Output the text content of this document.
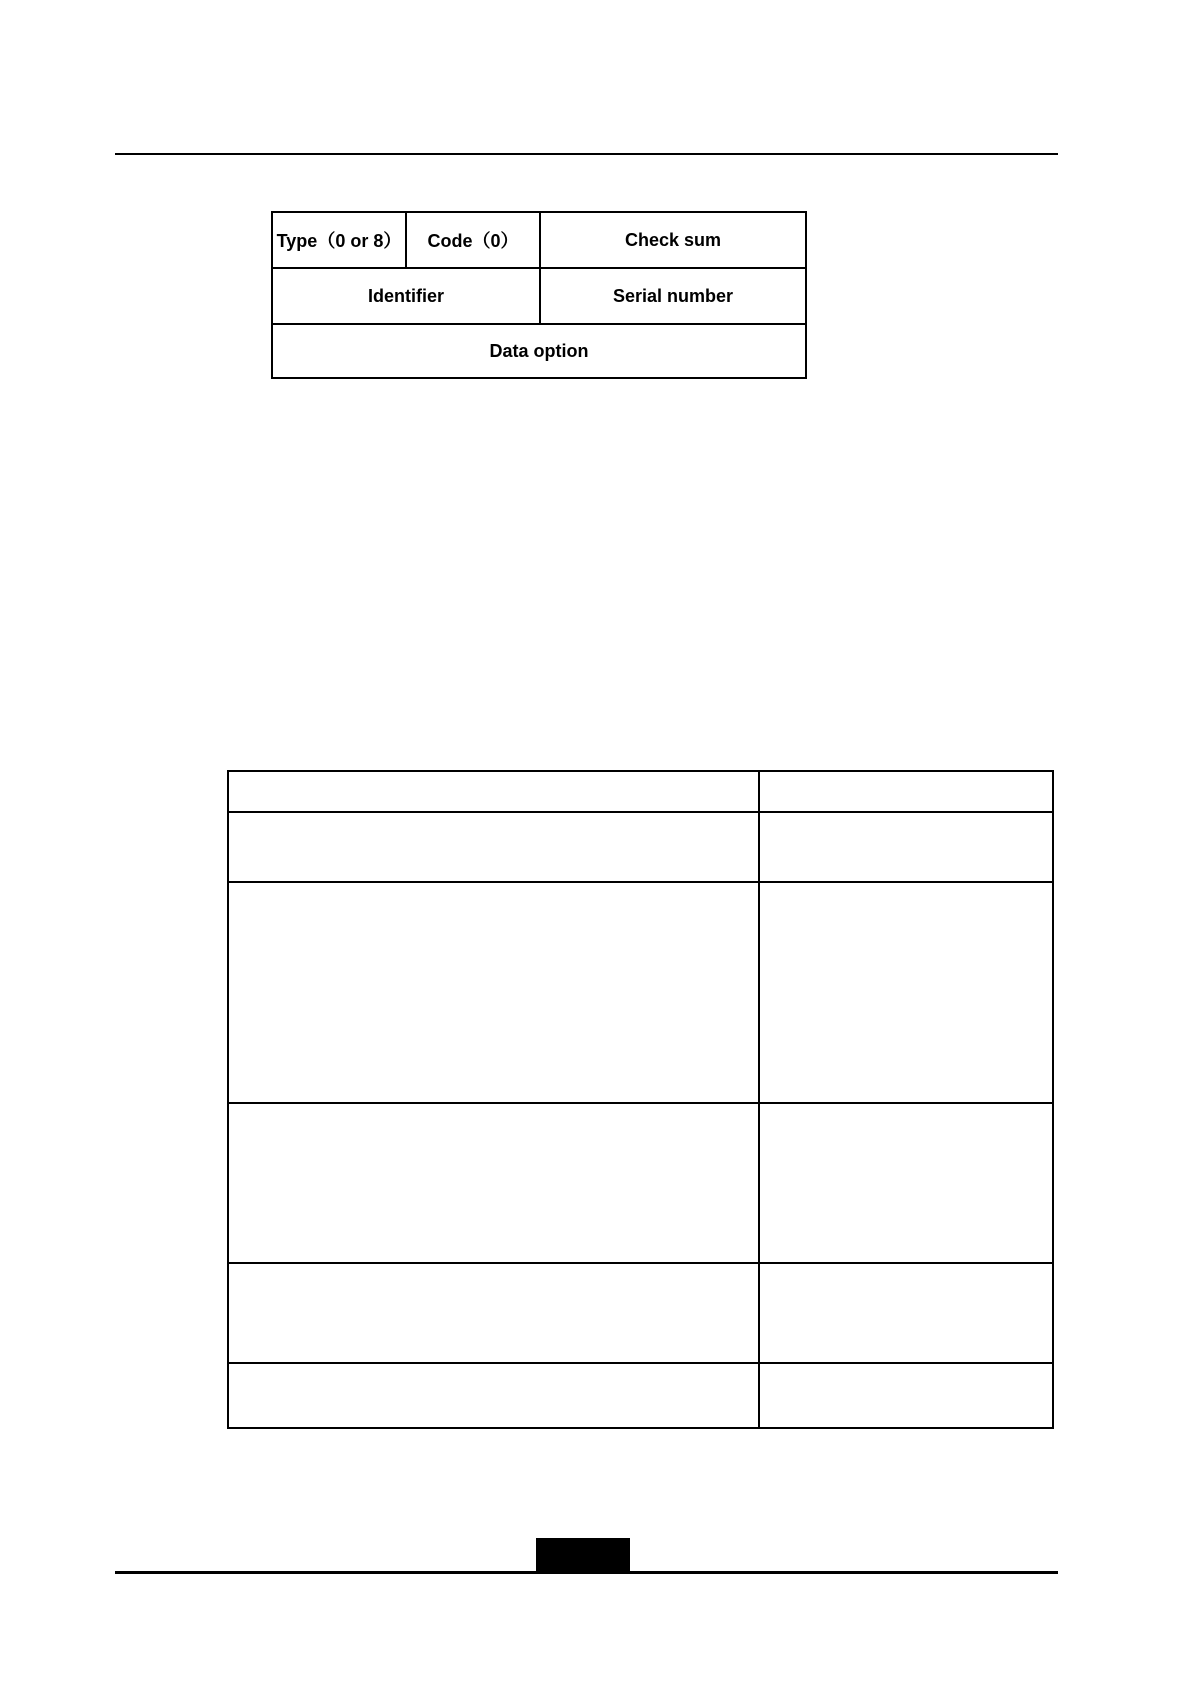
Type（0 or 8） Code（0）	Check sum
Identifier	Serial number
Data option
